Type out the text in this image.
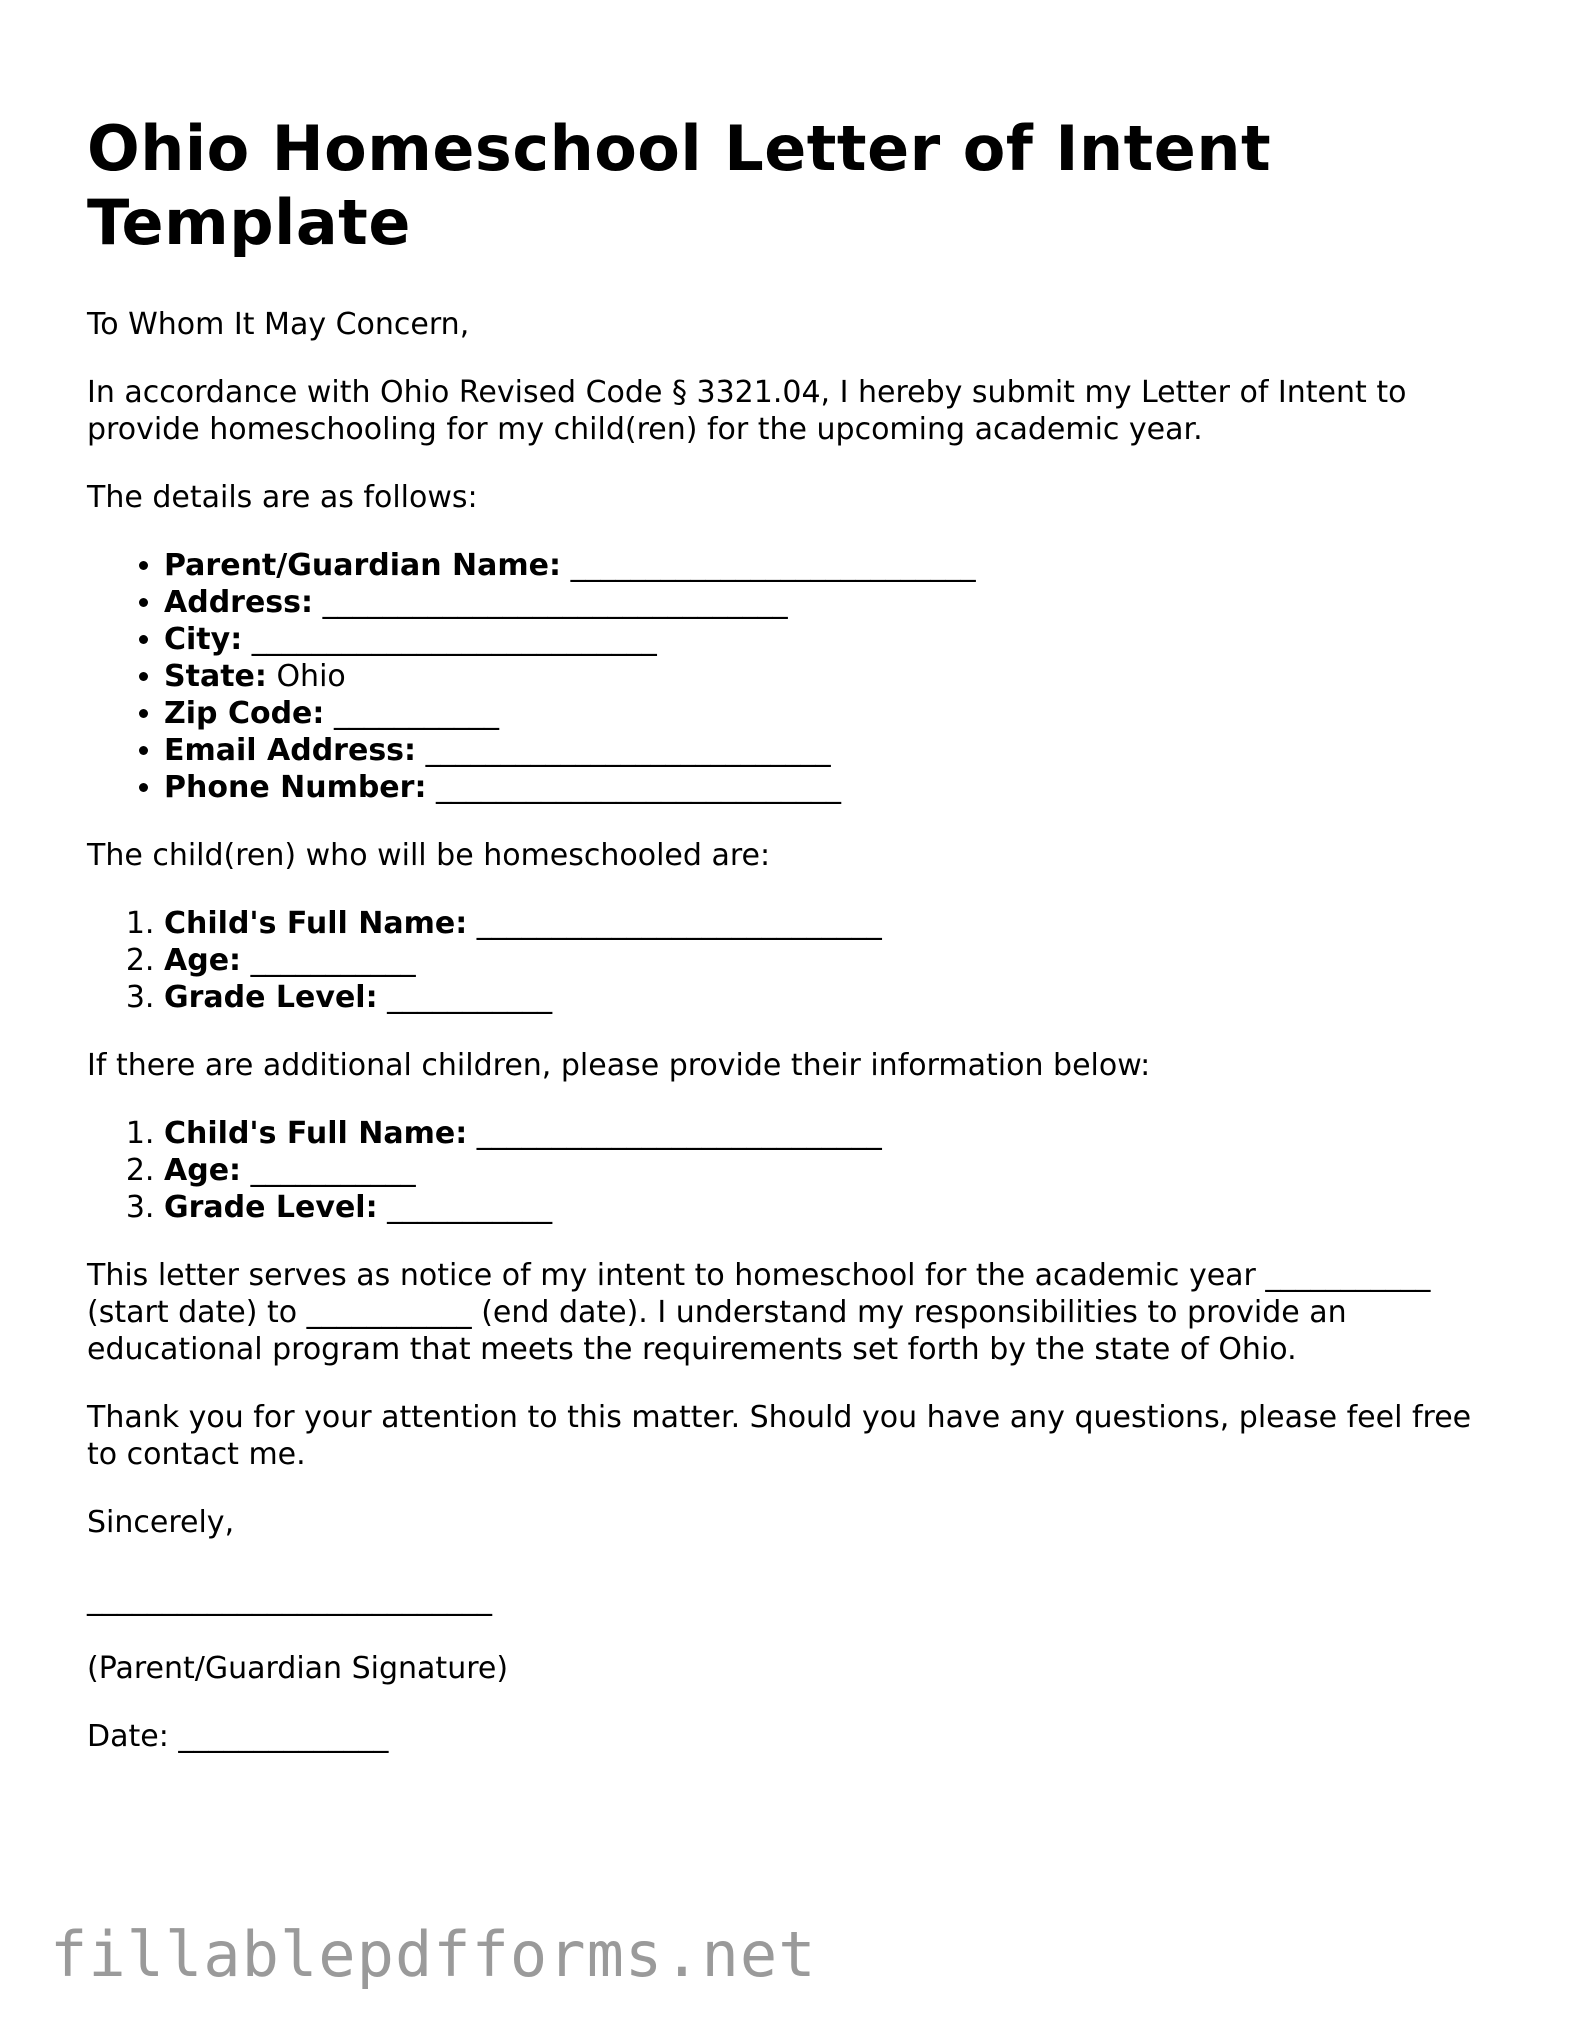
Ohio Homeschool Letter of Intent Template

To Whom It May Concern,

In accordance with Ohio Revised Code § 3321.04, I hereby submit my Letter of Intent to provide homeschooling for my child(ren) for the upcoming academic year.

The details are as follows:

• Parent/Guardian Name: ___________________________
• Address: _______________________________
• City: ___________________________
• State: Ohio
• Zip Code: ___________
• Email Address: ___________________________
• Phone Number: ___________________________

The child(ren) who will be homeschooled are:

1. Child's Full Name: ___________________________
2. Age: ___________
3. Grade Level: ___________

If there are additional children, please provide their information below:

1. Child's Full Name: ___________________________
2. Age: ___________
3. Grade Level: ___________

This letter serves as notice of my intent to homeschool for the academic year ___________ (start date) to ___________ (end date). I understand my responsibilities to provide an educational program that meets the requirements set forth by the state of Ohio.

Thank you for your attention to this matter. Should you have any questions, please feel free to contact me.

Sincerely,

___________________________

(Parent/Guardian Signature)

Date: ______________

fillablepdfforms.net
